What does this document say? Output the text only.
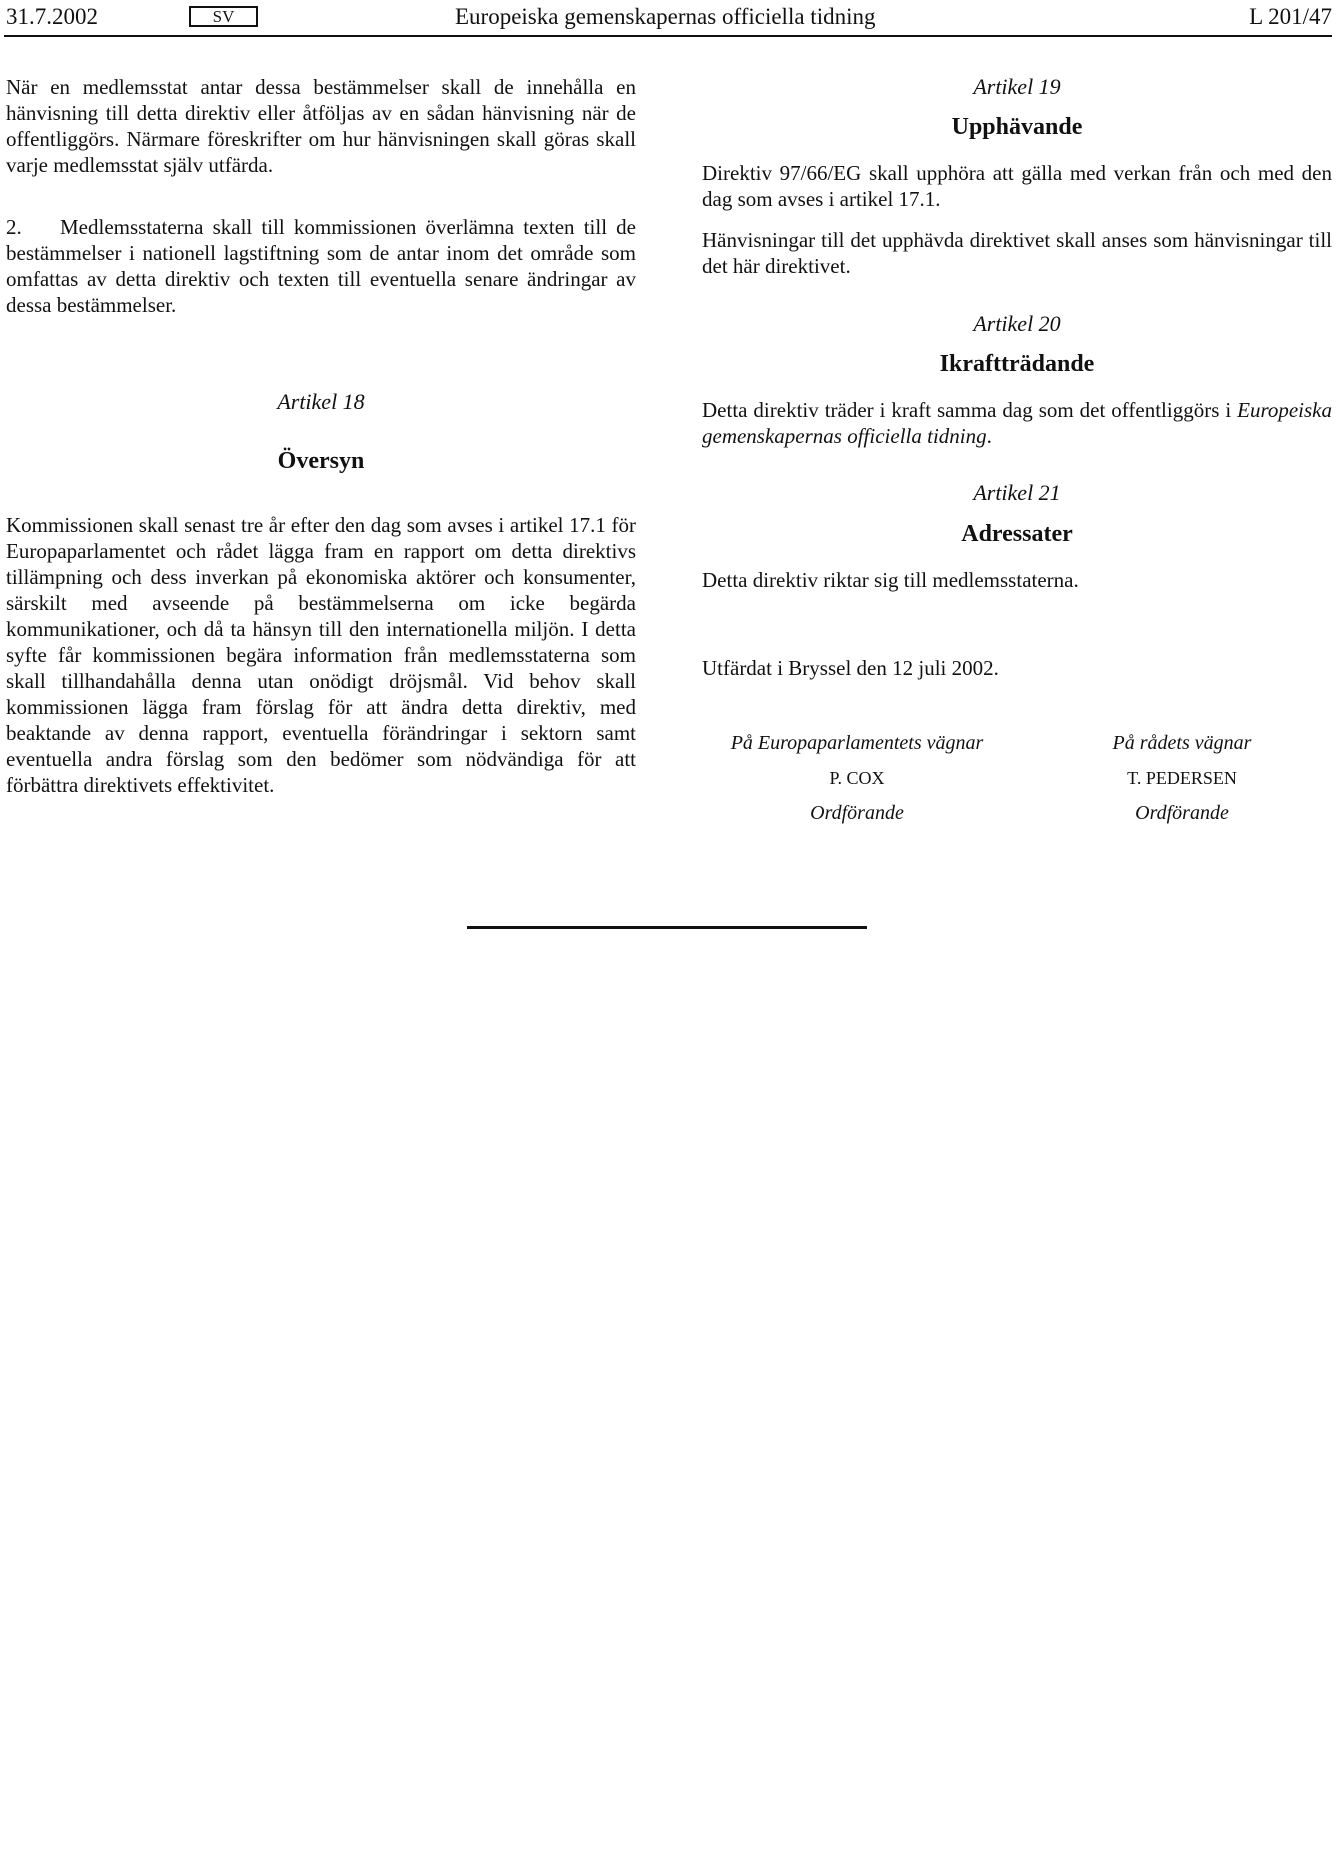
31.7.2002	SV	Europeiska gemenskapernas officiella tidning	L 201/47

När en medlemsstat antar dessa bestämmelser skall de innehålla en hänvisning till detta direktiv eller åtföljas av en sådan hänvisning när de offentliggörs. Närmare föreskrifter om hur hänvisningen skall göras skall varje medlemsstat själv utfärda.

2. Medlemsstaterna skall till kommissionen överlämna texten till de bestämmelser i nationell lagstiftning som de antar inom det område som omfattas av detta direktiv och texten till eventuella senare ändringar av dessa bestämmelser.

Artikel 18
Översyn

Kommissionen skall senast tre år efter den dag som avses i artikel 17.1 för Europaparlamentet och rådet lägga fram en rapport om detta direktivs tillämpning och dess inverkan på ekonomiska aktörer och konsumenter, särskilt med avseende på bestämmelserna om icke begärda kommunikationer, och då ta hänsyn till den internationella miljön. I detta syfte får kommissionen begära information från medlemsstaterna som skall tillhandahålla denna utan onödigt dröjsmål. Vid behov skall kommissionen lägga fram förslag för att ändra detta direktiv, med beaktande av denna rapport, eventuella förändringar i sektorn samt eventuella andra förslag som den bedömer som nödvändiga för att förbättra direktivets effektivitet.

Artikel 19
Upphävande

Direktiv 97/66/EG skall upphöra att gälla med verkan från och med den dag som avses i artikel 17.1.

Hänvisningar till det upphävda direktivet skall anses som hänvisningar till det här direktivet.

Artikel 20
Ikraftträdande

Detta direktiv träder i kraft samma dag som det offentliggörs i Europeiska gemenskapernas officiella tidning.

Artikel 21
Adressater

Detta direktiv riktar sig till medlemsstaterna.

Utfärdat i Bryssel den 12 juli 2002.

På Europaparlamentets vägnar
P. COX
Ordförande
På rådets vägnar
T. PEDERSEN
Ordförande
